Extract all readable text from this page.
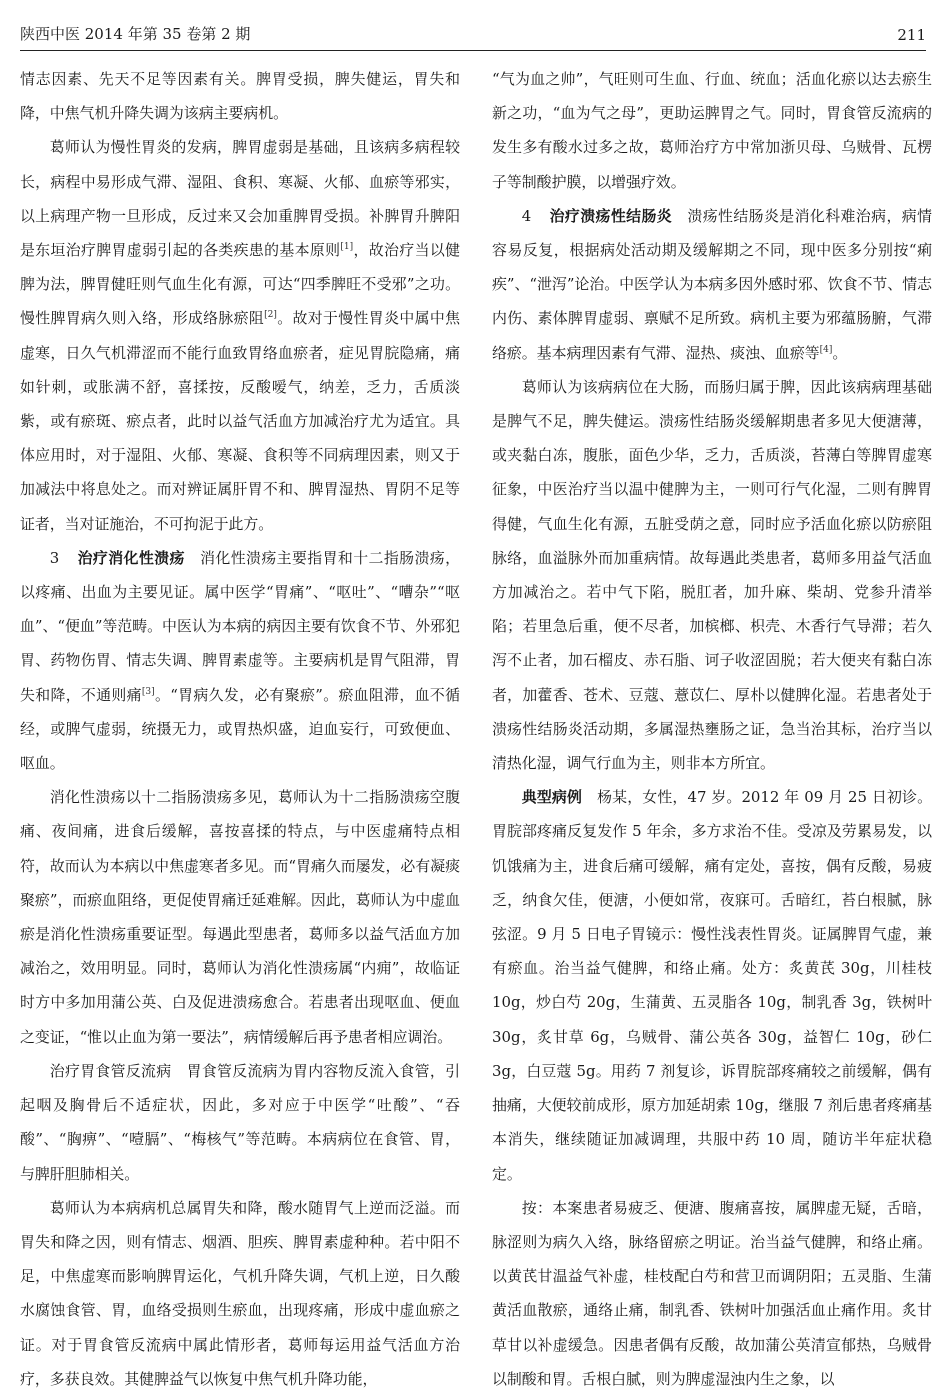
陕西中医 2014 年第 35 卷第 2 期	211

情志因素、先天不足等因素有关。脾胃受损，脾失健运，胃失和降，中焦气机升降失调为该病主要病机。

葛师认为慢性胃炎的发病，脾胃虚弱是基础，且该病多病程较长，病程中易形成气滞、湿阻、食积、寒凝、火郁、血瘀等邪实，以上病理产物一旦形成，反过来又会加重脾胃受损。补脾胃升脾阳是东垣治疗脾胃虚弱引起的各类疾患的基本原则[1]，故治疗当以健脾为法，脾胃健旺则气血生化有源，可达“四季脾旺不受邪”之功。慢性脾胃病久则入络，形成络脉瘀阻[2]。故对于慢性胃炎中属中焦虚寒，日久气机滞涩而不能行血致胃络血瘀者，症见胃脘隐痛，痛如针刺，或胀满不舒，喜揉按，反酸嗳气，纳差，乏力，舌质淡紫，或有瘀斑、瘀点者，此时以益气活血方加减治疗尤为适宜。具体应用时，对于湿阻、火郁、寒凝、食积等不同病理因素，则又于加减法中将息处之。而对辨证属肝胃不和、脾胃湿热、胃阴不足等证者，当对证施治，不可拘泥于此方。

3 治疗消化性溃疡　 消化性溃疡主要指胃和十二指肠溃疡，以疼痛、出血为主要见证。属中医学“胃痛”、“呕吐”、“嘈杂”“呕血”、“便血”等范畴。中医认为本病的病因主要有饮食不节、外邪犯胃、药物伤胃、情志失调、脾胃素虚等。主要病机是胃气阻滞，胃失和降，不通则痛[3]。“胃病久发，必有聚瘀”。瘀血阻滞，血不循经，或脾气虚弱，统摄无力，或胃热炽盛，迫血妄行，可致便血、呕血。

消化性溃疡以十二指肠溃疡多见，葛师认为十二指肠溃疡空腹痛、夜间痛，进食后缓解，喜按喜揉的特点，与中医虚痛特点相符，故而认为本病以中焦虚寒者多见。而“胃痛久而屡发，必有凝痰聚瘀”，而瘀血阻络，更促使胃痛迁延难解。因此，葛师认为中虚血瘀是消化性溃疡重要证型。每遇此型患者，葛师多以益气活血方加减治之，效用明显。同时，葛师认为消化性溃疡属“内痈”，故临证时方中多加用蒲公英、白及促进溃疡愈合。若患者出现呕血、便血之变证，“惟以止血为第一要法”，病情缓解后再予患者相应调治。

治疗胃食管反流病　胃食管反流病为胃内容物反流入食管，引起咽及胸骨后不适症状，因此，多对应于中医学“吐酸”、“吞酸”、“胸痹”、“噎膈”、“梅核气”等范畴。本病病位在食管、胃，与脾肝胆肺相关。

葛师认为本病病机总属胃失和降，酸水随胃气上逆而泛溢。而胃失和降之因，则有情志、烟酒、胆疾、脾胃素虚种种。若中阳不足，中焦虚寒而影响脾胃运化，气机升降失调，气机上逆，日久酸水腐蚀食管、胃，血络受损则生瘀血，出现疼痛，形成中虚血瘀之证。对于胃食管反流病中属此情形者，葛师每运用益气活血方治疗，多获良效。其健脾益气以恢复中焦气机升降功能，

“气为血之帅”，气旺则可生血、行血、统血；活血化瘀以达去瘀生新之功，“血为气之母”，更助运脾胃之气。同时，胃食管反流病的发生多有酸水过多之故，葛师治疗方中常加浙贝母、乌贼骨、瓦楞子等制酸护膜，以增强疗效。

4 治疗溃疡性结肠炎　 溃疡性结肠炎是消化科难治病，病情容易反复，根据病处活动期及缓解期之不同，现中医多分别按“痢疾”、“泄泻”论治。中医学认为本病多因外感时邪、饮食不节、情志内伤、素体脾胃虚弱、禀赋不足所致。病机主要为邪蕴肠腑，气滞络瘀。基本病理因素有气滞、湿热、痰浊、血瘀等[4]。

葛师认为该病病位在大肠，而肠归属于脾，因此该病病理基础是脾气不足，脾失健运。溃疡性结肠炎缓解期患者多见大便溏薄，或夹黏白冻，腹胀，面色少华，乏力，舌质淡，苔薄白等脾胃虚寒征象，中医治疗当以温中健脾为主，一则可行气化湿，二则有脾胃得健，气血生化有源，五脏受荫之意，同时应予活血化瘀以防瘀阻脉络，血溢脉外而加重病情。故每遇此类患者，葛师多用益气活血方加减治之。若中气下陷，脱肛者，加升麻、柴胡、党参升清举陷；若里急后重，便不尽者，加槟榔、枳壳、木香行气导滞；若久泻不止者，加石榴皮、赤石脂、诃子收涩固脱；若大便夹有黏白冻者，加藿香、苍术、豆蔻、薏苡仁、厚朴以健脾化湿。若患者处于溃疡性结肠炎活动期，多属湿热壅肠之证，急当治其标，治疗当以清热化湿，调气行血为主，则非本方所宜。

典型病例　 杨某，女性，47 岁。2012 年 09 月 25 日初诊。胃脘部疼痛反复发作 5 年余，多方求治不佳。受凉及劳累易发，以饥饿痛为主，进食后痛可缓解，痛有定处，喜按，偶有反酸，易疲乏，纳食欠佳，便溏，小便如常，夜寐可。舌暗红，苔白根腻，脉弦涩。9 月 5 日电子胃镜示：慢性浅表性胃炎。证属脾胃气虚，兼有瘀血。治当益气健脾，和络止痛。处方：炙黄芪 30g，川桂枝 10g，炒白芍 20g，生蒲黄、五灵脂各 10g，制乳香 3g，铁树叶 30g，炙甘草 6g，乌贼骨、蒲公英各 30g，益智仁 10g，砂仁 3g，白豆蔻 5g。用药 7 剂复诊，诉胃脘部疼痛较之前缓解，偶有抽痛，大便较前成形，原方加延胡索 10g，继服 7 剂后患者疼痛基本消失，继续随证加减调理，共服中药 10 周，随访半年症状稳定。

按：本案患者易疲乏、便溏、腹痛喜按，属脾虚无疑，舌暗，脉涩则为病久入络，脉络留瘀之明证。治当益气健脾，和络止痛。以黄芪甘温益气补虚，桂枝配白芍和营卫而调阴阳；五灵脂、生蒲黄活血散瘀，通络止痛，制乳香、铁树叶加强活血止痛作用。炙甘草甘以补虚缓急。因患者偶有反酸，故加蒲公英清宣郁热，乌贼骨以制酸和胃。舌根白腻，则为脾虚湿浊内生之象，以
